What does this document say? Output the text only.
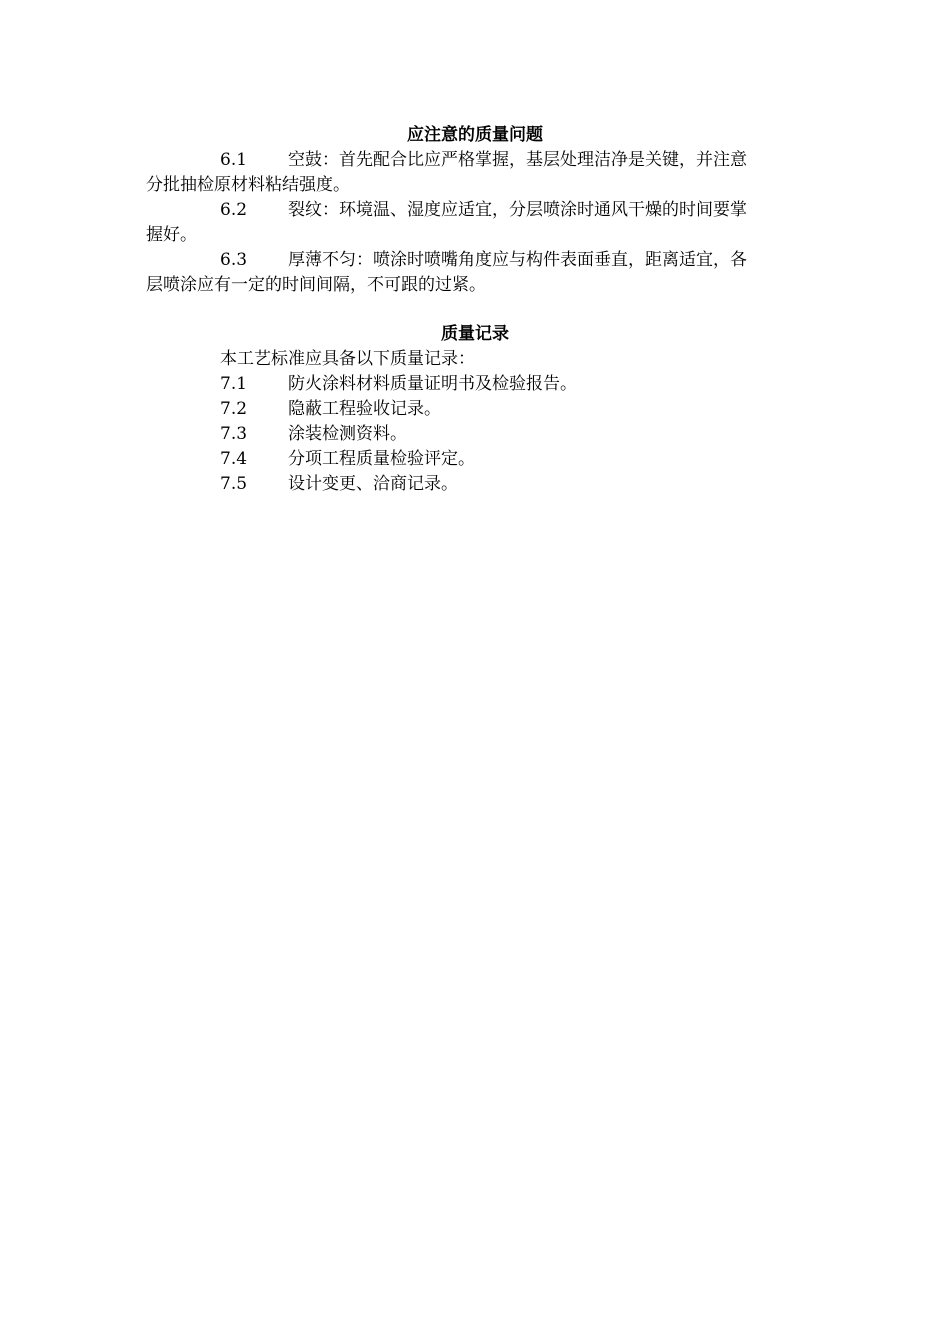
应注意的质量问题
6.1 空鼓：首先配合比应严格掌握，基层处理洁净是关键，并注意
分批抽检原材料粘结强度。
6.2 裂纹：环境温、湿度应适宜，分层喷涂时通风干燥的时间要掌
握好。
6.3 厚薄不匀：喷涂时喷嘴角度应与构件表面垂直，距离适宜，各
层喷涂应有一定的时间间隔，不可跟的过紧。
质量记录
本工艺标准应具备以下质量记录：
7.1 防火涂料材料质量证明书及检验报告。
7.2 隐蔽工程验收记录。
7.3 涂装检测资料。
7.4 分项工程质量检验评定。
7.5 设计变更、洽商记录。
